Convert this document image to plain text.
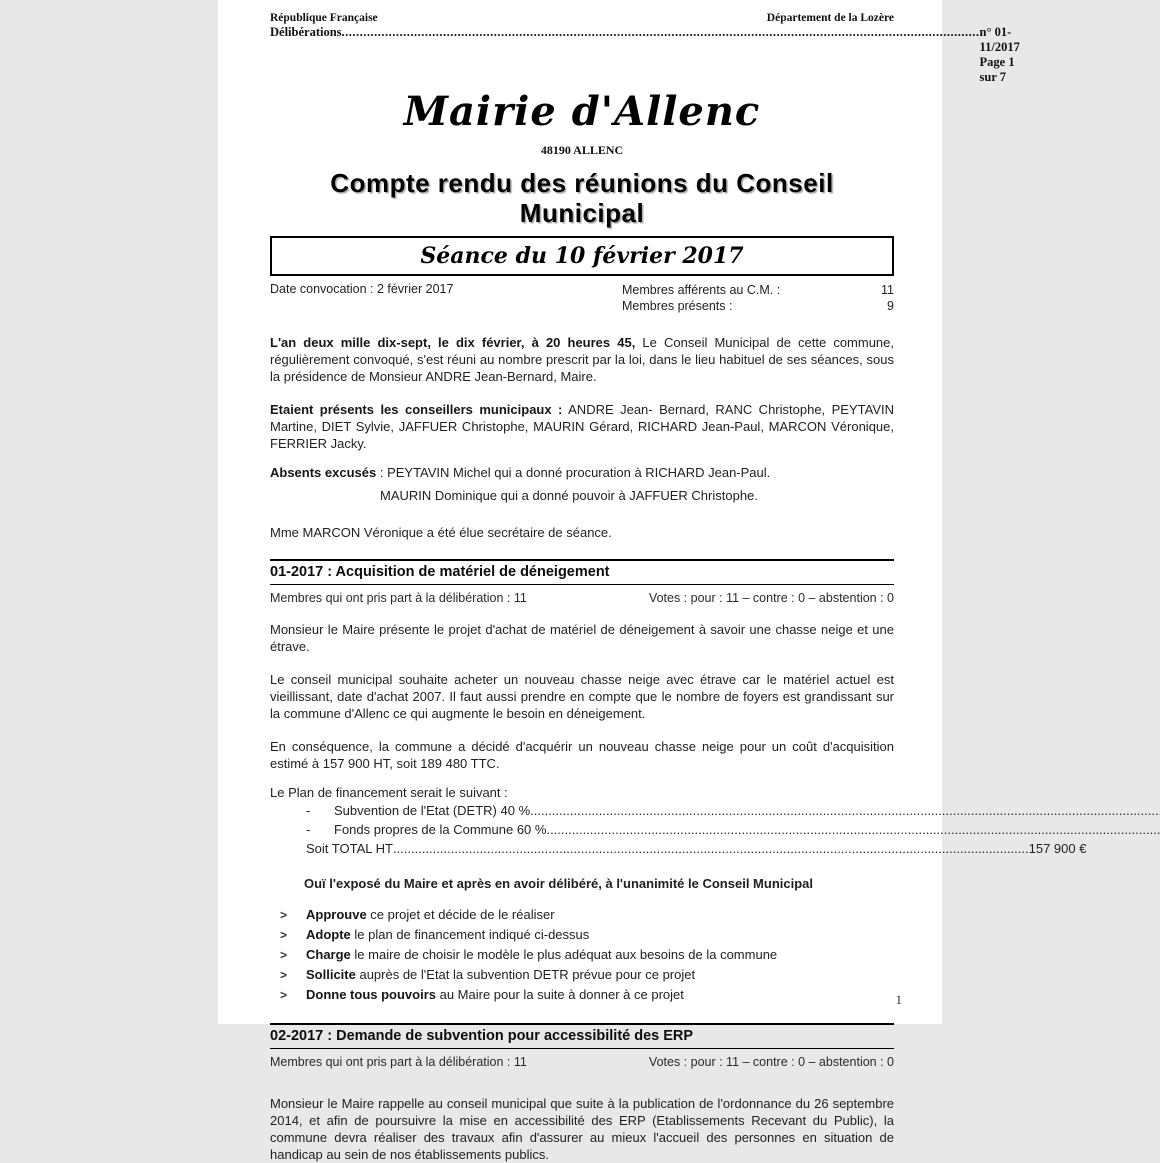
République Française	Département de la Lozère
Délibérations .....	n° 01-11/2017 Page 1 sur 7
Mairie d'Allenc
48190 ALLENC
Compte rendu des réunions du Conseil Municipal
Séance du 10 février 2017
Date convocation : 2 février 2017	Membres afférents au C.M. :	11
Membres présents :	9

L'an deux mille dix-sept, le dix février, à 20 heures 45, Le Conseil Municipal de cette commune, régulièrement convoqué, s'est réuni au nombre prescrit par la loi, dans le lieu habituel de ses séances, sous la présidence de Monsieur ANDRE Jean-Bernard, Maire.

Etaient présents les conseillers municipaux : ANDRE Jean- Bernard, RANC Christophe, PEYTAVIN Martine, DIET Sylvie, JAFFUER Christophe, MAURIN Gérard, RICHARD Jean-Paul, MARCON Véronique, FERRIER Jacky.

Absents excusés : PEYTAVIN Michel qui a donné procuration à RICHARD Jean-Paul.

MAURIN Dominique qui a donné pouvoir à JAFFUER Christophe.

Mme MARCON Véronique a été élue secrétaire de séance.

01-2017 : Acquisition de matériel de déneigement
Membres qui ont pris part à la délibération : 11	Votes : pour : 11 – contre : 0 – abstention : 0

Monsieur le Maire présente le projet d'achat de matériel de déneigement à savoir une chasse neige et une étrave.

Le conseil municipal souhaite acheter un nouveau chasse neige avec étrave car le matériel actuel est vieillissant, date d'achat 2007. Il faut aussi prendre en compte que le nombre de foyers est grandissant sur la commune d'Allenc ce qui augmente le besoin en déneigement.

En conséquence, la commune a décidé d'acquérir un nouveau chasse neige pour un coût d'acquisition estimé à 157 900 HT, soit 189 480 TTC.

Le Plan de financement serait le suivant :

-	Subvention de l'Etat (DETR) 40 %
.....
-	Fonds propres de la Commune 60 %
.....
Soit TOTAL HT .....	157 900 €

Ouï l'exposé du Maire et après en avoir délibéré, à l'unanimité le Conseil Municipal

>	Approuve ce projet et décide de le réaliser
>	Adopte le plan de financement indiqué ci-dessus
>	Charge le maire de choisir le modèle le plus adéquat aux besoins de la commune
>	Sollicite auprès de l'Etat la subvention DETR prévue pour ce projet
>	Donne tous pouvoirs au Maire pour la suite à donner à ce projet
02-2017 : Demande de subvention pour accessibilité des ERP
Membres qui ont pris part à la délibération : 11	Votes : pour : 11 – contre : 0 – abstention : 0

Monsieur le Maire rappelle au conseil municipal que suite à la publication de l'ordonnance du 26 septembre 2014, et afin de poursuivre la mise en accessibilité des ERP (Etablissements Recevant du Public), la commune devra réaliser des travaux afin d'assurer au mieux l'accueil des personnes en situation de handicap au sein de nos établissements publics.

1
